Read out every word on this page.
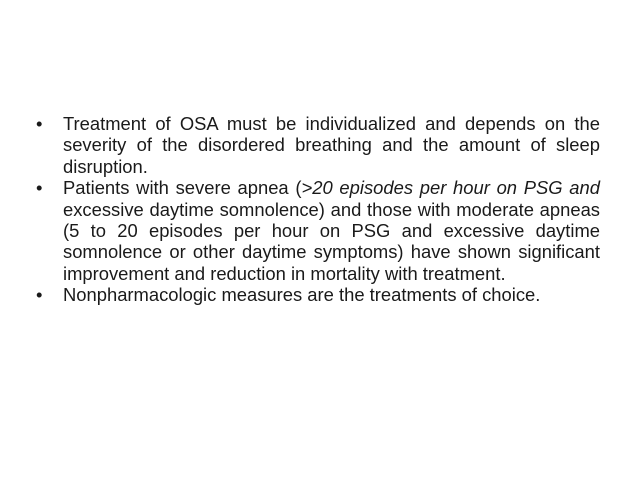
•	Treatment of OSA must be individualized and depends on the severity of the disordered breathing and the amount of sleep disruption.
•	Patients with severe apnea (>20 episodes per hour on PSG and excessive daytime somnolence) and those with moderate apneas (5 to 20 episodes per hour on PSG and excessive daytime somnolence or other daytime symptoms) have shown significant improvement and reduction in mortality with treatment.
•	Nonpharmacologic measures are the treatments of choice.
